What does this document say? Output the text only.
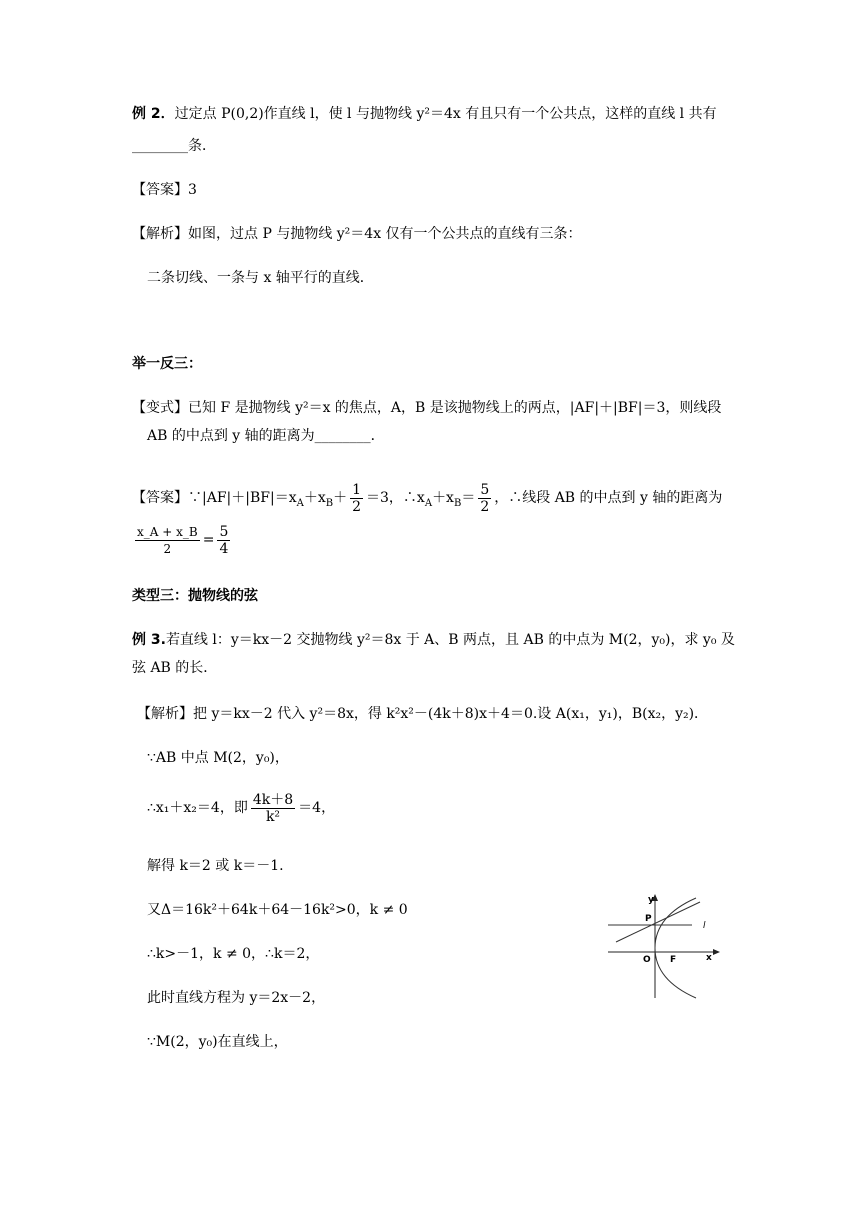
例 2．过定点 P(0,2)作直线 l，使 l 与抛物线 y²＝4x 有且只有一个公共点，这样的直线 l 共有
________条．
【答案】3
【解析】如图，过点 P 与抛物线 y²＝4x 仅有一个公共点的直线有三条：
二条切线、一条与 x 轴平行的直线．
举一反三：
【变式】已知 F 是抛物线 y²＝x 的焦点，A，B 是该抛物线上的两点，|AF|＋|BF|＝3，则线段
AB 的中点到 y 轴的距离为________．
【答案】$\because|AF|+|BF|=x_A+x_B+ \frac{1}{2} =3$，$\therefore x_A+x_B= \frac{5}{2}$ ，∴线段 AB 的中点到 y 轴的距离为
$\frac{x\_A + x\_B}{2} = \frac{5}{4}$
类型三：抛物线的弦
例 3.若直线 l：y＝kx－2 交抛物线 y²＝8x 于 A、B 两点，且 AB 的中点为 M(2，y₀)，求 y₀ 及
弦 AB 的长．
【解析】把 y＝kx－2 代入 y²＝8x，得 k²x²－(4k＋8)x＋4＝0.设 A(x₁，y₁)，B(x₂，y₂)．
∵AB 中点 M(2，y₀)，
∴x₁＋x₂＝4，即 $\frac{4k+8}{\text{k²}} =4$，
解得 k＝2 或 k＝－1.
又Δ＝16k²＋64k＋64－16k²>0，k ≠ 0
∴k>－1，k ≠ 0，∴k＝2，
此时直线方程为 y＝2x－2，
∵M(2，y₀)在直线上，
y
x
P
O F
l
